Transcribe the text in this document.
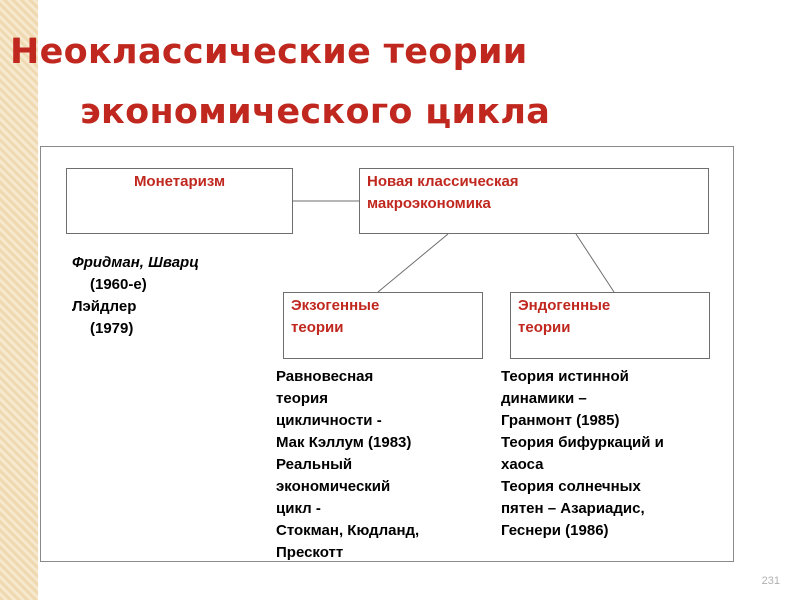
Неоклассические теории
экономического цикла
Монетаризм	Новая классическая
макроэкономика
Экзогенные
теории
Эндогенные
теории
Фридман, Шварц
(1960-е)
Лэйдлер
(1979)
Равновесная
теория
цикличности -
Мак Кэллум (1983)
Реальный
экономический
цикл -
Стокман, Кюдланд,
Прескотт
Теория истинной
динамики –
Гранмонт (1985)
Теория бифуркаций и
хаоса
Теория солнечных
пятен – Азариадис,
Геснери (1986)
231
